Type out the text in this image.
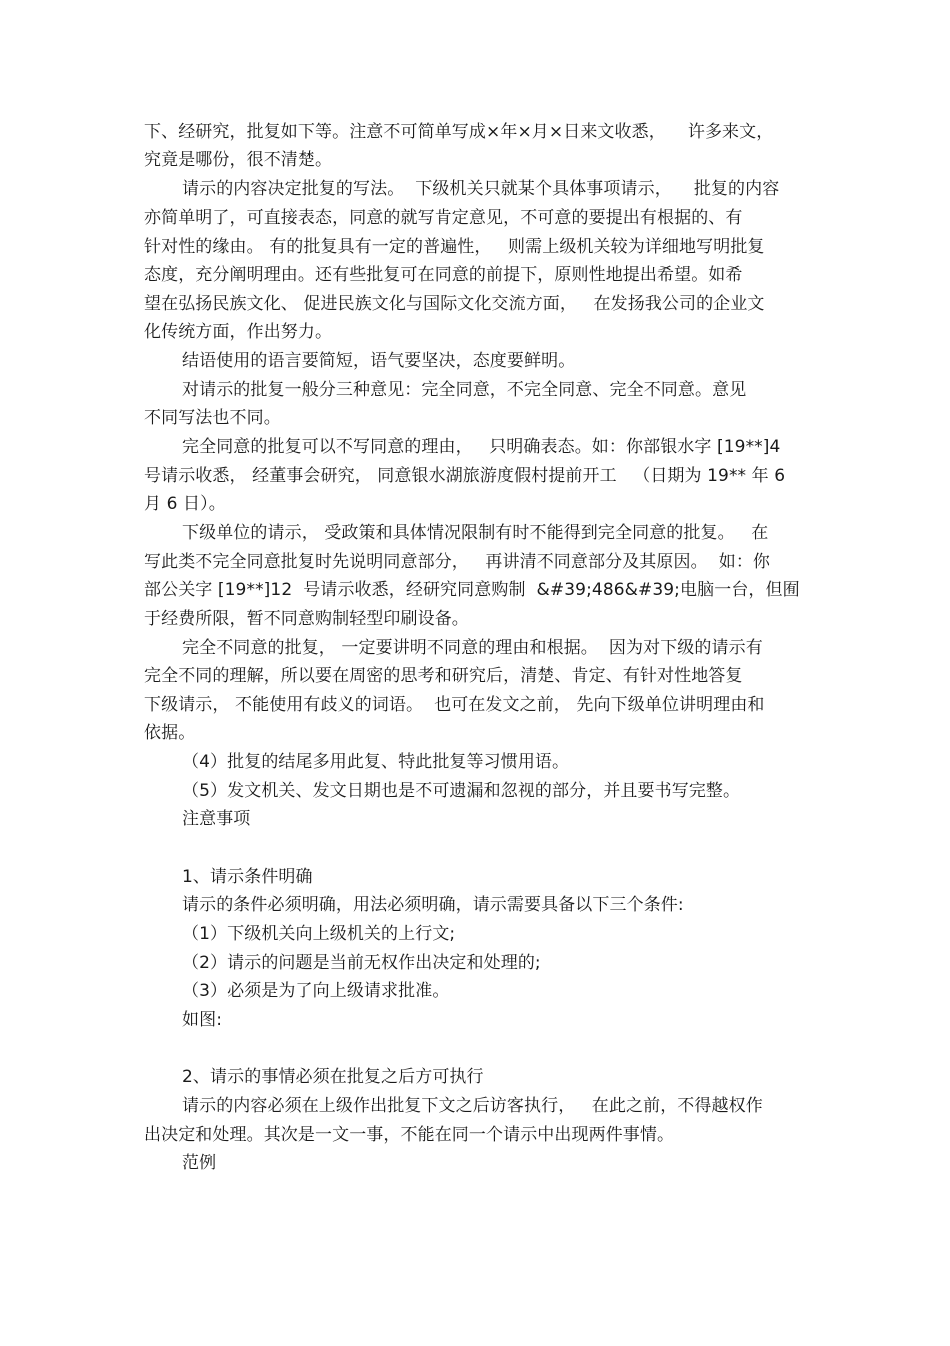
下、经研究，批复如下等。注意不可简单写成×年×月×日来文收悉，    许多来文，
究竟是哪份，很不清楚。
请示的内容决定批复的写法。  下级机关只就某个具体事项请示，    批复的内容
亦简单明了，可直接表态，同意的就写肯定意见，不可意的要提出有根据的、有
针对性的缘由。 有的批复具有一定的普遍性，   则需上级机关较为详细地写明批复
态度，充分阐明理由。还有些批复可在同意的前提下，原则性地提出希望。如希
望在弘扬民族文化、 促进民族文化与国际文化交流方面，   在发扬我公司的企业文
化传统方面，作出努力。
结语使用的语言要简短，语气要坚决，态度要鲜明。
对请示的批复一般分三种意见：完全同意，不完全同意、完全不同意。意见
不同写法也不同。
完全同意的批复可以不写同意的理由，   只明确表态。如：你部银水字 [19**]4
号请示收悉， 经董事会研究， 同意银水湖旅游度假村提前开工   （日期为 19** 年 6
月 6 日）。
下级单位的请示， 受政策和具体情况限制有时不能得到完全同意的批复。   在
写此类不完全同意批复时先说明同意部分，   再讲清不同意部分及其原因。  如：你
部公关字 [19**]12  号请示收悉，经研究同意购制  &#39;486&#39;电脑一台，但囿
于经费所限，暂不同意购制轻型印刷设备。
完全不同意的批复， 一定要讲明不同意的理由和根据。  因为对下级的请示有
完全不同的理解，所以要在周密的思考和研究后，清楚、肯定、有针对性地答复
下级请示， 不能使用有歧义的词语。  也可在发文之前， 先向下级单位讲明理由和
依据。
（4）批复的结尾多用此复、特此批复等习惯用语。
（5）发文机关、发文日期也是不可遗漏和忽视的部分，并且要书写完整。
注意事项
1、请示条件明确
请示的条件必须明确，用法必须明确，请示需要具备以下三个条件:
（1）下级机关向上级机关的上行文;
（2）请示的问题是当前无权作出决定和处理的;
（3）必须是为了向上级请求批准。
如图:
2、请示的事情必须在批复之后方可执行
请示的内容必须在上级作出批复下文之后访客执行，   在此之前，不得越权作
出决定和处理。其次是一文一事，不能在同一个请示中出现两件事情。
范例
